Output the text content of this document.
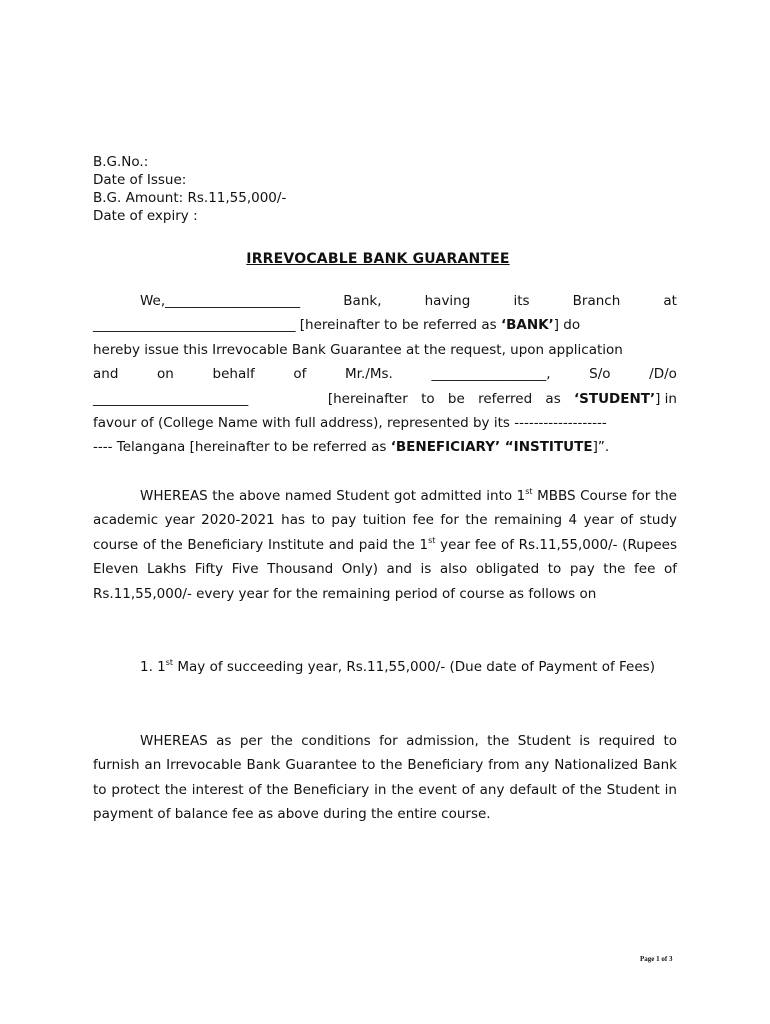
B.G.No.:
Date of Issue:
B.G. Amount: Rs.11,55,000/-
Date of expiry :
IRREVOCABLE BANK GUARANTEE
We,____________________	Bank,	having	its	Branch	at
______________________________ [hereinafter to be referred as ‘BANK’] do
hereby issue this Irrevocable Bank Guarantee at the request, upon application
and	on	behalf	of	Mr./Ms.	_________________,	S/o	/D/o
_______________________	[hereinafter to be referred as ‘STUDENT’] in
favour of (College Name with full address), represented by its -------------------
---- Telangana [hereinafter to be referred as ‘BENEFICIARY’ “INSTITUTE]”.

WHEREAS the above named Student got admitted into 1st MBBS Course for the academic year 2020-2021 has to pay tuition fee for the remaining 4 year of study course of the Beneficiary Institute and paid the 1st year fee of Rs.11,55,000/- (Rupees Eleven Lakhs Fifty Five Thousand Only) and is also obligated to pay the fee of Rs.11,55,000/- every year for the remaining period of course as follows on

1. 1st May of succeeding year, Rs.11,55,000/- (Due date of Payment of Fees)

WHEREAS as per the conditions for admission, the Student is required to furnish an Irrevocable Bank Guarantee to the Beneficiary from any Nationalized Bank to protect the interest of the Beneficiary in the event of any default of the Student in payment of balance fee as above during the entire course.

Page 1 of 3
